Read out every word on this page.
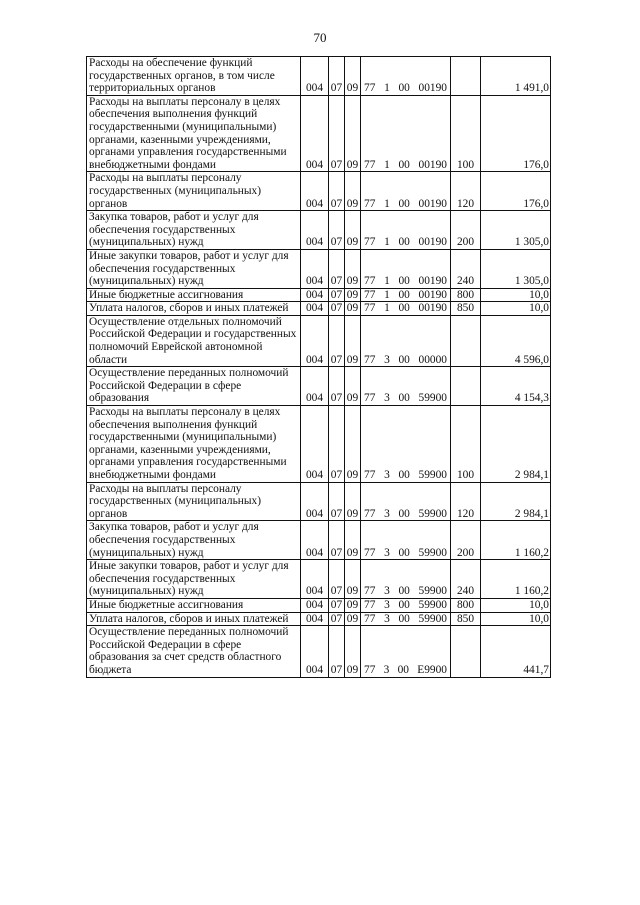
70
Расходы на обеспечение функций государственных органов, в том числе территориальных органов	004	07	09	77 1 00 00190		1 491,0
Расходы на выплаты персоналу в целях обеспечения выполнения функций государственными (муниципальными) органами, казенными учреждениями, органами управления государственными внебюджетными фондами	004	07	09	77 1 00 00190	100	176,0
Расходы на выплаты персоналу государственных (муниципальных) органов	004	07	09	77 1 00 00190	120	176,0
Закупка товаров, работ и услуг для обеспечения государственных (муниципальных) нужд	004	07	09	77 1 00 00190	200	1 305,0
Иные закупки товаров, работ и услуг для обеспечения государственных (муниципальных) нужд	004	07	09	77 1 00 00190	240	1 305,0
Иные бюджетные ассигнования	004	07	09	77 1 00 00190	800	10,0
Уплата налогов, сборов и иных платежей	004	07	09	77 1 00 00190	850	10,0
Осуществление отдельных полномочий Российской Федерации и государственных полномочий Еврейской автономной области	004	07	09	77 3 00 00000		4 596,0
Осуществление переданных полномочий Российской Федерации в сфере образования	004	07	09	77 3 00 59900		4 154,3
Расходы на выплаты персоналу в целях обеспечения выполнения функций государственными (муниципальными) органами, казенными учреждениями, органами управления государственными внебюджетными фондами	004	07	09	77 3 00 59900	100	2 984,1
Расходы на выплаты персоналу государственных (муниципальных) органов	004	07	09	77 3 00 59900	120	2 984,1
Закупка товаров, работ и услуг для обеспечения государственных (муниципальных) нужд	004	07	09	77 3 00 59900	200	1 160,2
Иные закупки товаров, работ и услуг для обеспечения государственных (муниципальных) нужд	004	07	09	77 3 00 59900	240	1 160,2
Иные бюджетные ассигнования	004	07	09	77 3 00 59900	800	10,0
Уплата налогов, сборов и иных платежей	004	07	09	77 3 00 59900	850	10,0
Осуществление переданных полномочий Российской Федерации в сфере образования за счет средств областного бюджета	004	07	09	77 3 00 E9900		441,7
